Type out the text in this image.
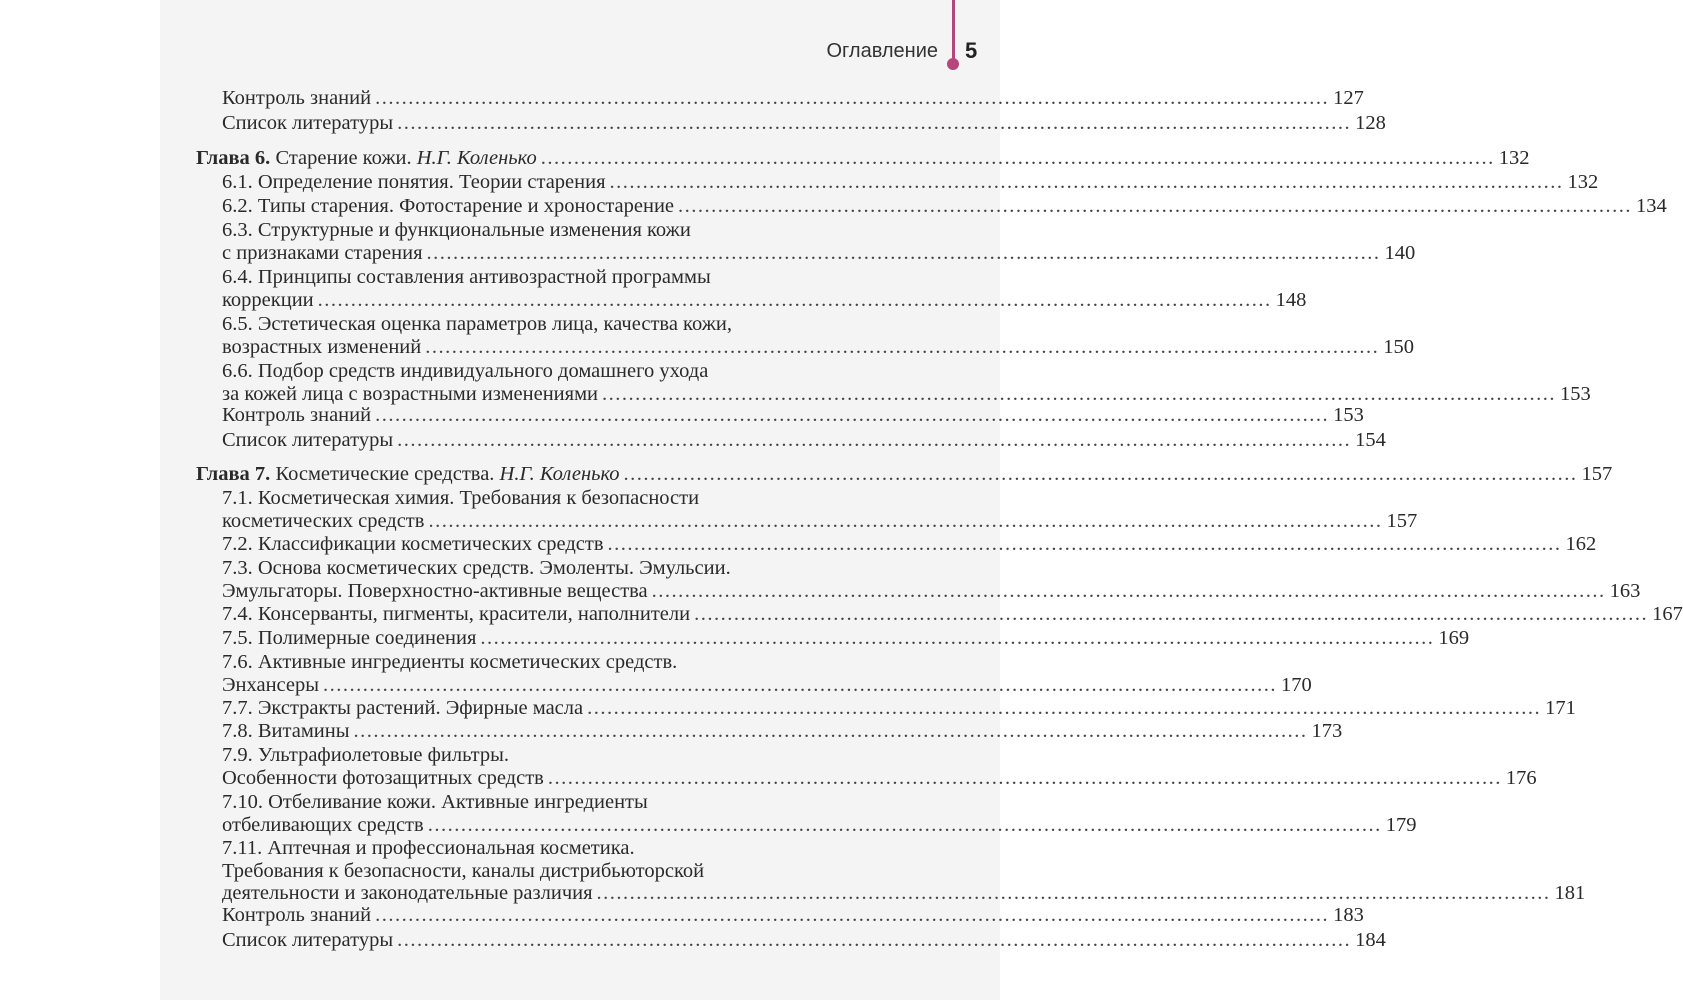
Оглавление 5
Контроль знаний ................................................................................................................................................ 127
Список литературы ................................................................................................................................................ 128
Глава 6. Старение кожи. Н.Г. Коленько ................................................................................................................................................ 132
6.1. Определение понятия. Теории старения ................................................................................................................................................ 132
6.2. Типы старения. Фотостарение и хроностарение ................................................................................................................................................ 134
6.3. Структурные и функциональные изменения кожи
с признаками старения ................................................................................................................................................ 140
6.4. Принципы составления антивозрастной программы
коррекции ................................................................................................................................................ 148
6.5. Эстетическая оценка параметров лица, качества кожи,
возрастных изменений ................................................................................................................................................ 150
6.6. Подбор средств индивидуального домашнего ухода
за кожей лица с возрастными изменениями ................................................................................................................................................ 153
Контроль знаний ................................................................................................................................................ 153
Список литературы ................................................................................................................................................ 154
Глава 7. Косметические средства. Н.Г. Коленько ................................................................................................................................................ 157
7.1. Косметическая химия. Требования к безопасности
косметических средств ................................................................................................................................................ 157
7.2. Классификации косметических средств ................................................................................................................................................ 162
7.3. Основа косметических средств. Эмоленты. Эмульсии.
Эмульгаторы. Поверхностно-активные вещества ................................................................................................................................................ 163
7.4. Консерванты, пигменты, красители, наполнители ................................................................................................................................................ 167
7.5. Полимерные соединения ................................................................................................................................................ 169
7.6. Активные ингредиенты косметических средств.
Энхансеры ................................................................................................................................................ 170
7.7. Экстракты растений. Эфирные масла ................................................................................................................................................ 171
7.8. Витамины ................................................................................................................................................ 173
7.9. Ультрафиолетовые фильтры.
Особенности фотозащитных средств ................................................................................................................................................ 176
7.10. Отбеливание кожи. Активные ингредиенты
отбеливающих средств ................................................................................................................................................ 179
7.11. Аптечная и профессиональная косметика.
Требования к безопасности, каналы дистрибьюторской
деятельности и законодательные различия ................................................................................................................................................ 181
Контроль знаний ................................................................................................................................................ 183
Список литературы ................................................................................................................................................ 184
